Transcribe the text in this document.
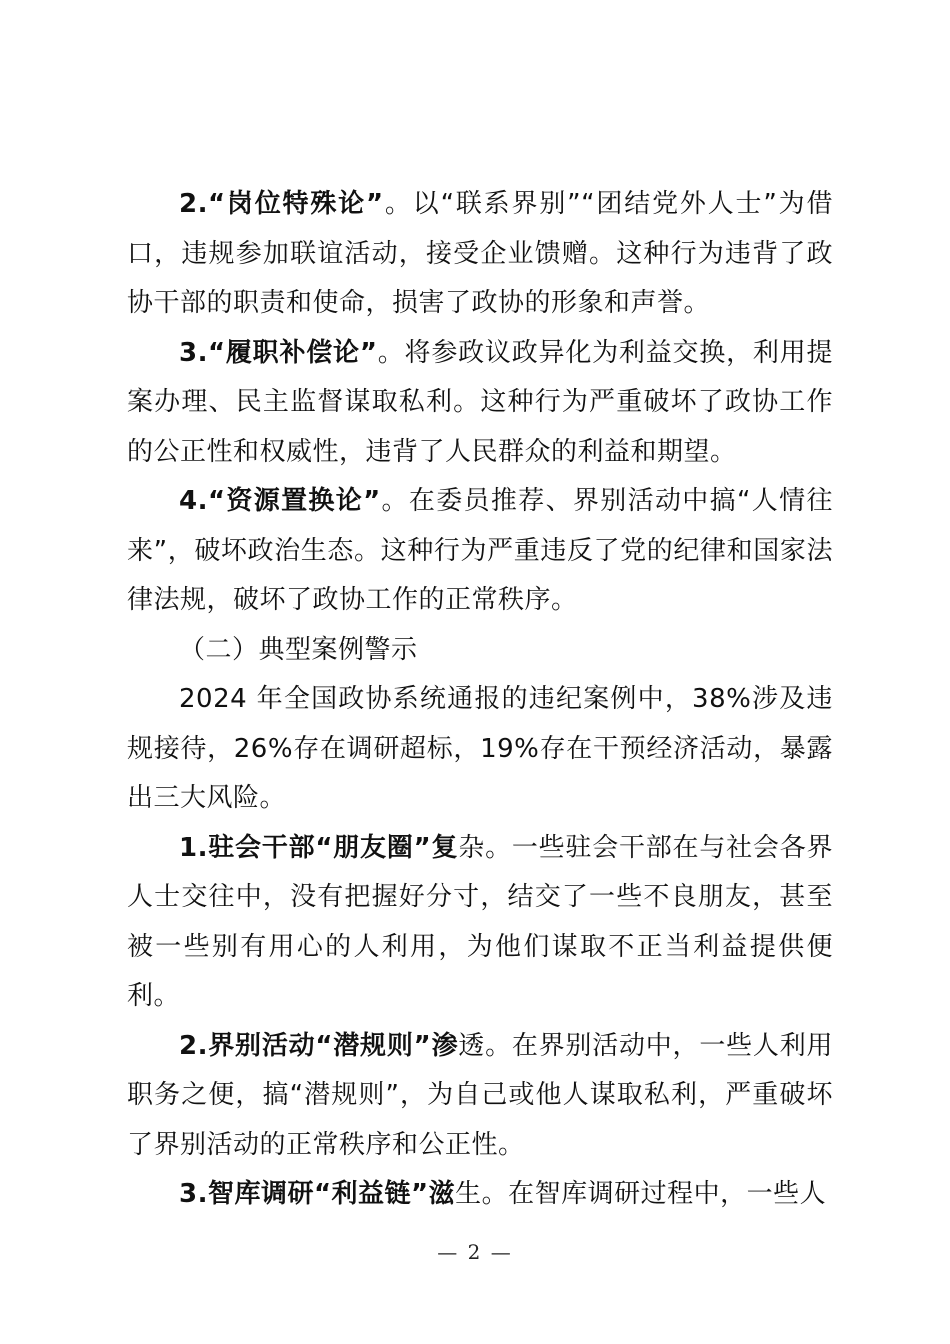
2.“岗位特殊论”。以“联系界别”“团结党外人士”为借口，违规参加联谊活动，接受企业馈赠。这种行为违背了政协干部的职责和使命，损害了政协的形象和声誉。

3.“履职补偿论”。将参政议政异化为利益交换，利用提案办理、民主监督谋取私利。这种行为严重破坏了政协工作的公正性和权威性，违背了人民群众的利益和期望。

4.“资源置换论”。在委员推荐、界别活动中搞“人情往来”，破坏政治生态。这种行为严重违反了党的纪律和国家法律法规，破坏了政协工作的正常秩序。

（二）典型案例警示

2024 年全国政协系统通报的违纪案例中，38%涉及违规接待，26%存在调研超标，19%存在干预经济活动，暴露出三大风险。

1.驻会干部“朋友圈”复杂。一些驻会干部在与社会各界人士交往中，没有把握好分寸，结交了一些不良朋友，甚至被一些别有用心的人利用，为他们谋取不正当利益提供便利。

2.界别活动“潜规则”渗透。在界别活动中，一些人利用职务之便，搞“潜规则”，为自己或他人谋取私利，严重破坏了界别活动的正常秩序和公正性。

3.智库调研“利益链”滋生。在智库调研过程中，一些人

— 2 —
